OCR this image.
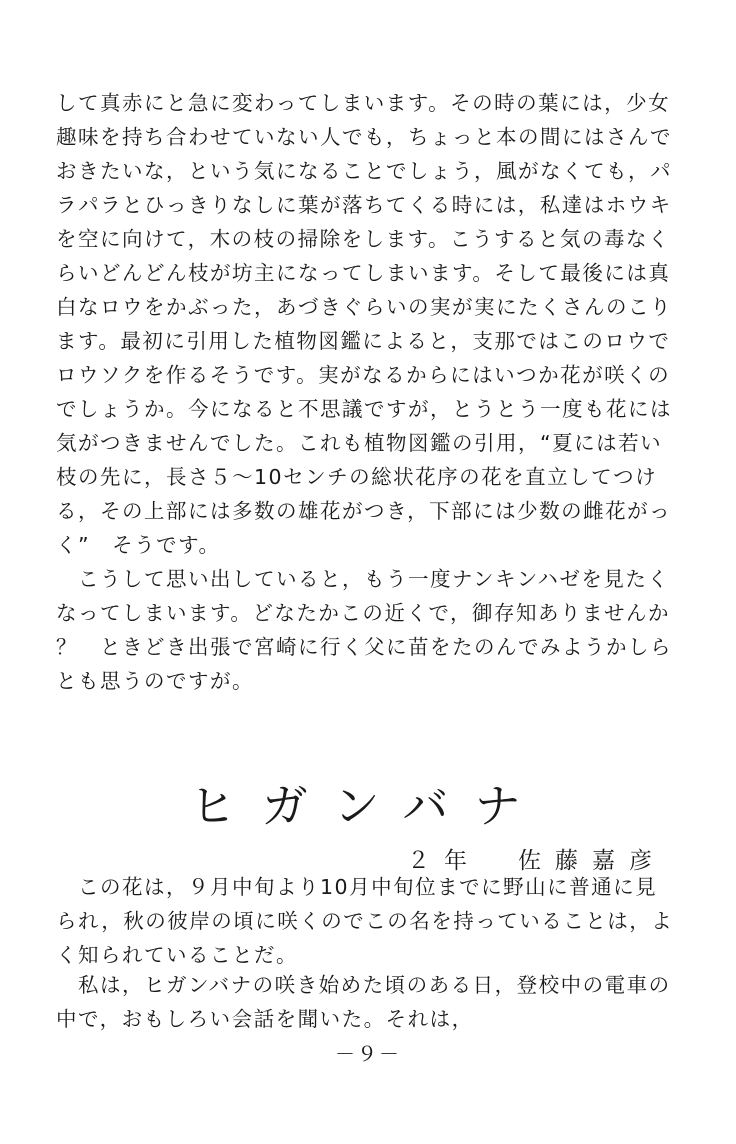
して真赤にと急に変わってしまいます。その時の葉には，少女
趣味を持ち合わせていない人でも，ちょっと本の間にはさんで
おきたいな，という気になることでしょう，風がなくても，パ
ラパラとひっきりなしに葉が落ちてくる時には，私達はホウキ
を空に向けて，木の枝の掃除をします。こうすると気の毒なく
らいどんどん枝が坊主になってしまいます。そして最後には真
白なロウをかぶった，あづきぐらいの実が実にたくさんのこり
ます。最初に引用した植物図鑑によると，支那ではこのロウで
ロウソクを作るそうです。実がなるからにはいつか花が咲くの
でしょうか。今になると不思議ですが，とうとう一度も花には
気がつきませんでした。これも植物図鑑の引用，“夏には若い
枝の先に，長さ５～10センチの総状花序の花を直立してつけ
る，その上部には多数の雄花がつき，下部には少数の雌花がっ
く”　そうです。
こうして思い出していると，もう一度ナンキンハゼを見たく
なってしまいます。どなたかこの近くで，御存知ありませんか
？　ときどき出張で宮崎に行く父に苗をたのんでみようかしら
とも思うのですが。
ヒガンバナ
２年　佐藤嘉彦
この花は，９月中旬より10月中旬位までに野山に普通に見
られ，秋の彼岸の頃に咲くのでこの名を持っていることは，よ
く知られていることだ。
私は，ヒガンバナの咲き始めた頃のある日，登校中の電車の
中で，おもしろい会話を聞いた。それは，
－９－
